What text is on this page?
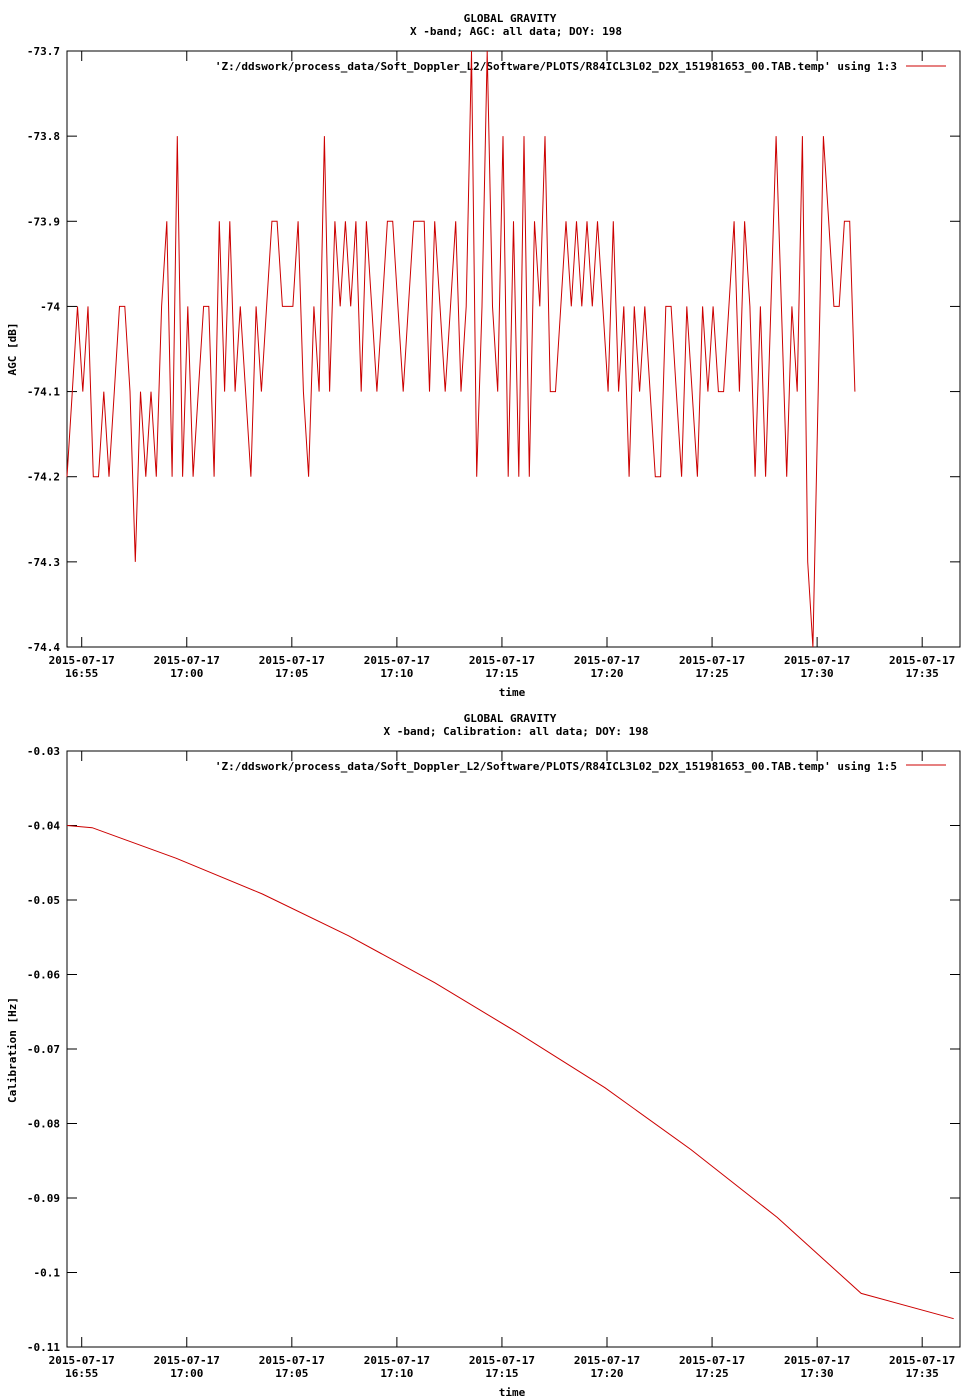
GLOBAL GRAVITY
X -band; AGC: all data; DOY: 198
-73.7
-73.8
-73.9
-74
-74.1
-74.2
-74.3
-74.4
2015-07-17
16:55
2015-07-17
17:00
2015-07-17
17:05
2015-07-17
17:10
2015-07-17
17:15
2015-07-17
17:20
2015-07-17
17:25
2015-07-17
17:30
2015-07-17
17:35
time
AGC [dB]
'Z:/ddswork/process_data/Soft_Doppler_L2/Software/PLOTS/R84ICL3L02_D2X_151981653_00.TAB.temp' using 1:3
GLOBAL GRAVITY
X -band; Calibration: all data; DOY: 198
-0.03
-0.04
-0.05
-0.06
-0.07
-0.08
-0.09
-0.1
-0.11
2015-07-17
16:55
2015-07-17
17:00
2015-07-17
17:05
2015-07-17
17:10
2015-07-17
17:15
2015-07-17
17:20
2015-07-17
17:25
2015-07-17
17:30
2015-07-17
17:35
time
Calibration [Hz]
'Z:/ddswork/process_data/Soft_Doppler_L2/Software/PLOTS/R84ICL3L02_D2X_151981653_00.TAB.temp' using 1:5
